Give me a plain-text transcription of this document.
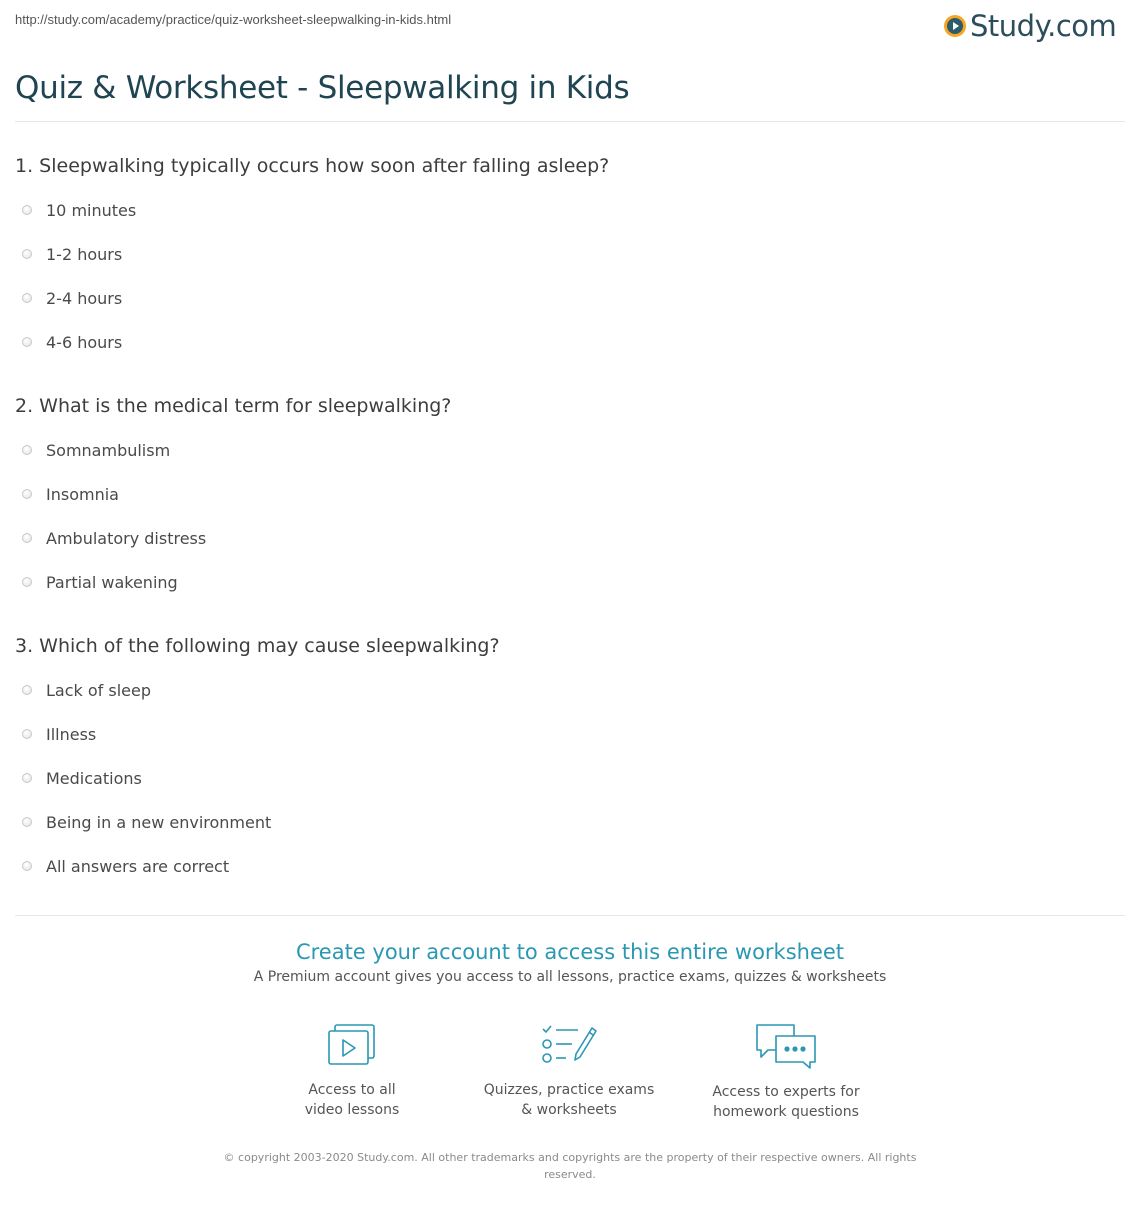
http://study.com/academy/practice/quiz-worksheet-sleepwalking-in-kids.html	Study.com
Quiz & Worksheet - Sleepwalking in Kids
1. Sleepwalking typically occurs how soon after falling asleep?
10 minutes
1-2 hours
2-4 hours
4-6 hours
2. What is the medical term for sleepwalking?
Somnambulism
Insomnia
Ambulatory distress
Partial wakening
3. Which of the following may cause sleepwalking?
Lack of sleep
Illness
Medications
Being in a new environment
All answers are correct
Create your account to access this entire worksheet
A Premium account gives you access to all lessons, practice exams, quizzes & worksheets
Access to all
video lessons
Quizzes, practice exams
& worksheets
Access to experts for
homework questions
© copyright 2003-2020 Study.com. All other trademarks and copyrights are the property of their respective owners. All rights reserved.
